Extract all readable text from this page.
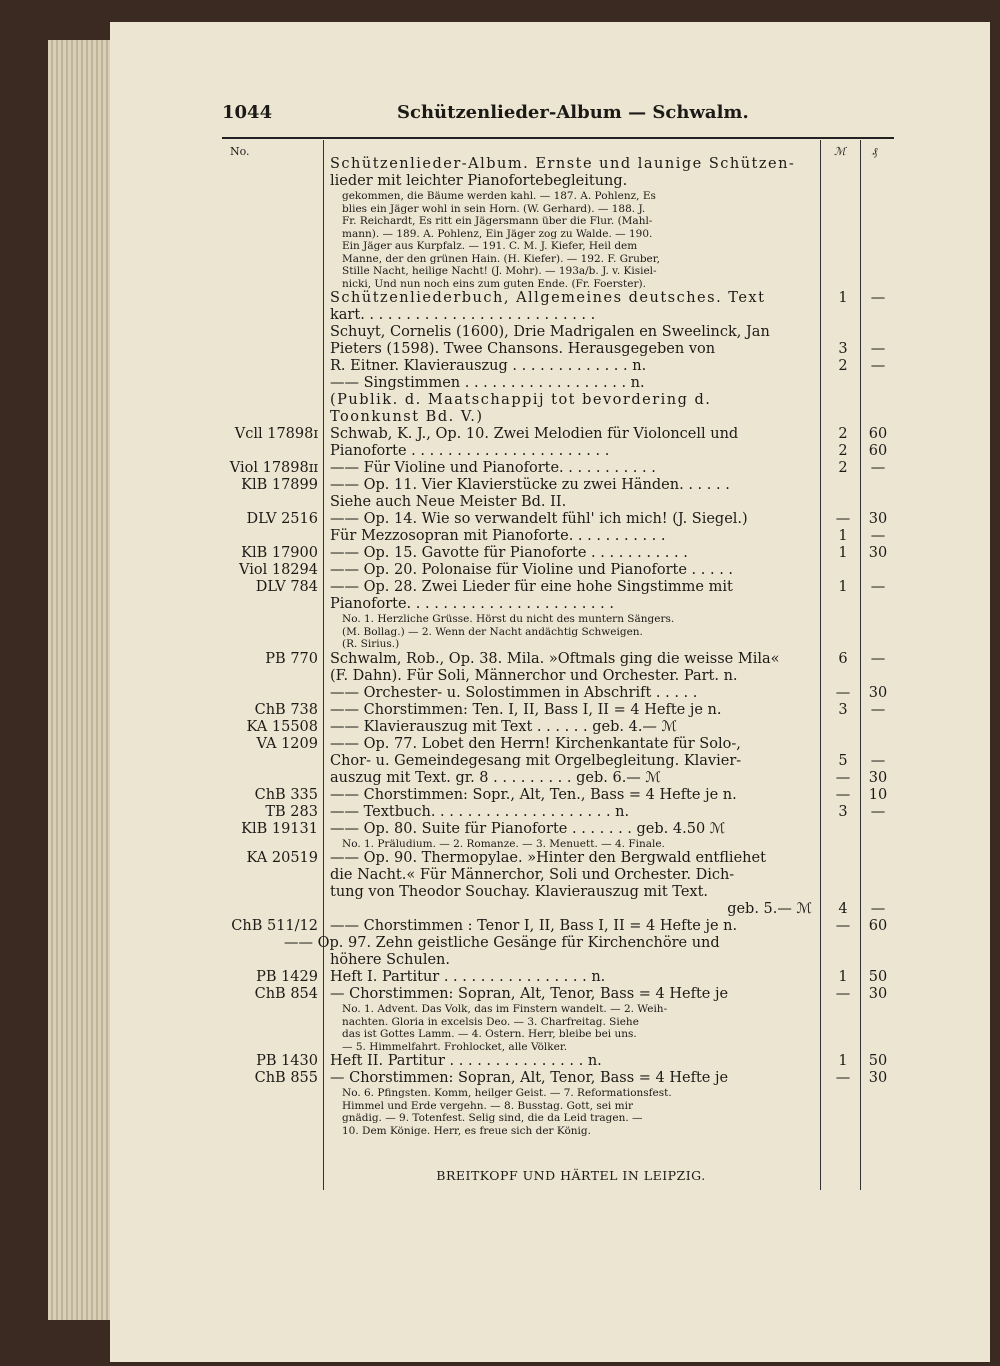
1044	Schützenlieder-Album — Schwalm.
No.	ℳ ₰
Schützenlieder-Album. Ernste und launige Schützen-
lieder mit leichter Pianofortebegleitung.
gekommen, die Bäume werden kahl. — 187. A. Pohlenz, Es
blies ein Jäger wohl in sein Horn. (W. Gerhard). — 188. J.
Fr. Reichardt, Es ritt ein Jägersmann über die Flur. (Mahl-
mann). — 189. A. Pohlenz, Ein Jäger zog zu Walde. — 190.
Ein Jäger aus Kurpfalz. — 191. C. M. J. Kiefer, Heil dem
Manne, der den grünen Hain. (H. Kiefer). — 192. F. Gruber,
Stille Nacht, heilige Nacht! (J. Mohr). — 193a/b. J. v. Kisiel-
nicki, Und nun noch eins zum guten Ende. (Fr. Foerster).
Schützenliederbuch, Allgemeines deutsches. Text	1	—
kart. . . . . . . . . . . . . . . . . . . . . . . . . .
Schuyt, Cornelis (1600), Drie Madrigalen en Sweelinck, Jan
Pieters (1598). Twee Chansons. Herausgegeben von	3	—
R. Eitner. Klavierauszug . . . . . . . . . . . . . n.	2	—
—— Singstimmen . . . . . . . . . . . . . . . . . . n.
(Publik. d. Maatschappij tot bevordering d.
Toonkunst Bd. V.)
Vcll 17898ɪ Schwab, K. J., Op. 10. Zwei Melodien für Violoncell und	2	60
Pianoforte . . . . . . . . . . . . . . . . . . . . . .	2	60
Viol 17898ɪɪ —— Für Violine und Pianoforte. . . . . . . . . . .	2	—
KlB 17899 —— Op. 11. Vier Klavierstücke zu zwei Händen. . . . . .
Siehe auch Neue Meister Bd. II.
DLV 2516 —— Op. 14. Wie so verwandelt fühl' ich mich! (J. Siegel.)	—	30
Für Mezzosopran mit Pianoforte. . . . . . . . . . .	1	—
KlB 17900 —— Op. 15. Gavotte für Pianoforte . . . . . . . . . . .	1	30
Viol 18294 —— Op. 20. Polonaise für Violine und Pianoforte . . . . .
DLV 784 —— Op. 28. Zwei Lieder für eine hohe Singstimme mit	1	—
Pianoforte. . . . . . . . . . . . . . . . . . . . . . .
No. 1. Herzliche Grüsse. Hörst du nicht des muntern Sängers.
(M. Bollag.) — 2. Wenn der Nacht andächtig Schweigen.
(R. Sirius.)
PB 770 Schwalm, Rob., Op. 38. Mila. »Oftmals ging die weisse Mila«	6	—
(F. Dahn). Für Soli, Männerchor und Orchester. Part. n.
—— Orchester- u. Solostimmen in Abschrift . . . . .	—	30
ChB 738 —— Chorstimmen: Ten. I, II, Bass I, II = 4 Hefte je n.	3	—
KA 15508 —— Klavierauszug mit Text . . . . . . geb. 4.— ℳ
VA 1209 —— Op. 77. Lobet den Herrn! Kirchenkantate für Solo-,
Chor- u. Gemeindegesang mit Orgelbegleitung. Klavier-	5	—
auszug mit Text. gr. 8 . . . . . . . . . geb. 6.— ℳ	—	30
ChB 335 —— Chorstimmen: Sopr., Alt, Ten., Bass = 4 Hefte je n.	—	10
TB 283 —— Textbuch. . . . . . . . . . . . . . . . . . . . n.	3	—
KlB 19131 —— Op. 80. Suite für Pianoforte . . . . . . . geb. 4.50 ℳ
No. 1. Präludium. — 2. Romanze. — 3. Menuett. — 4. Finale.
KA 20519 —— Op. 90. Thermopylae. »Hinter den Bergwald entfliehet
die Nacht.« Für Männerchor, Soli und Orchester. Dich-
tung von Theodor Souchay. Klavierauszug mit Text.
geb. 5.— ℳ	4	—
ChB 511/12 —— Chorstimmen : Tenor I, II, Bass I, II = 4 Hefte je n.	—	60
—— Op. 97. Zehn geistliche Gesänge für Kirchenchöre und
höhere Schulen.
PB 1429 Heft I. Partitur . . . . . . . . . . . . . . . . n.	1	50
ChB 854 — Chorstimmen: Sopran, Alt, Tenor, Bass = 4 Hefte je	—	30
No. 1. Advent. Das Volk, das im Finstern wandelt. — 2. Weih-
nachten. Gloria in excelsis Deo. — 3. Charfreitag. Siehe
das ist Gottes Lamm. — 4. Ostern. Herr, bleibe bei uns.
— 5. Himmelfahrt. Frohlocket, alle Völker.
PB 1430 Heft II. Partitur . . . . . . . . . . . . . . . n.	1	50
ChB 855 — Chorstimmen: Sopran, Alt, Tenor, Bass = 4 Hefte je	—	30
No. 6. Pfingsten. Komm, heilger Geist. — 7. Reformationsfest.
Himmel und Erde vergehn. — 8. Busstag. Gott, sei mir
gnädig. — 9. Totenfest. Selig sind, die da Leid tragen. —
10. Dem Könige. Herr, es freue sich der König.
BREITKOPF UND HÄRTEL IN LEIPZIG.
